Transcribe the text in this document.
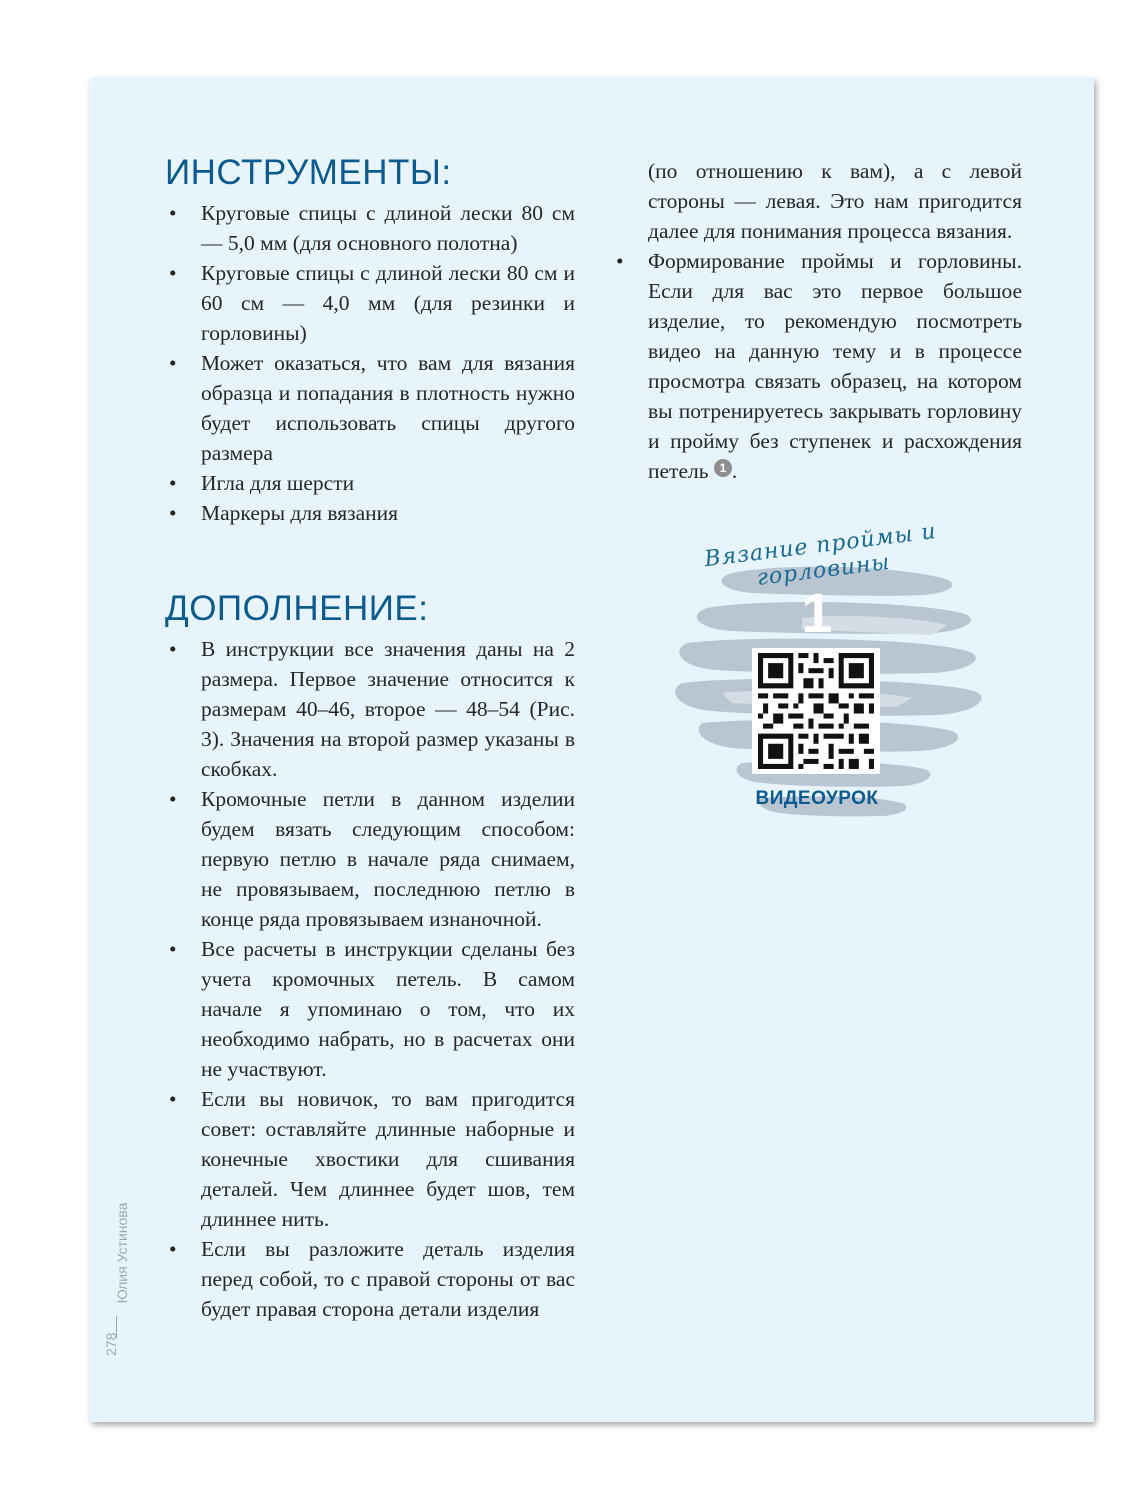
ИНСТРУМЕНТЫ:
• Круговые спицы с длиной лески 80 см — 5,0 мм (для основного полотна)
• Круговые спицы с длиной лески 80 см и 60 см — 4,0 мм (для резинки и горловины)
• Может оказаться, что вам для вязания образца и попадания в плотность нужно будет использовать спицы другого размера
• Игла для шерсти
• Маркеры для вязания
ДОПОЛНЕНИЕ:
• В инструкции все значения даны на 2 размера. Первое значение относится к размерам 40–46, второе — 48–54 (Рис. 3). Значения на второй размер указаны в скобках.
• Кромочные петли в данном изделии будем вязать следующим способом: первую петлю в начале ряда снимаем, не провязываем, последнюю петлю в конце ряда провязываем изнаночной.
• Все расчеты в инструкции сделаны без учета кромочных петель. В самом начале я упоминаю о том, что их необходимо набрать, но в расчетах они не участвуют.
• Если вы новичок, то вам пригодится совет: оставляйте длинные наборные и конечные хвостики для сшивания деталей. Чем длиннее будет шов, тем длиннее нить.
• Если вы разложите деталь изделия перед собой, то с правой стороны от вас будет правая сторона детали изделия
(по отношению к вам), а с левой стороны — левая. Это нам пригодится далее для понимания процесса вязания.
• Формирование проймы и горловины. Если для вас это первое большое изделие, то рекомендую посмотреть видео на данную тему и в процессе просмотра связать образец, на котором вы потренируетесь закрывать горловину и пройму без ступенек и расхождения петель 1 .
Вязание проймы и горловины
1
ВИДЕОУРОК
Юлия Устинова
278
